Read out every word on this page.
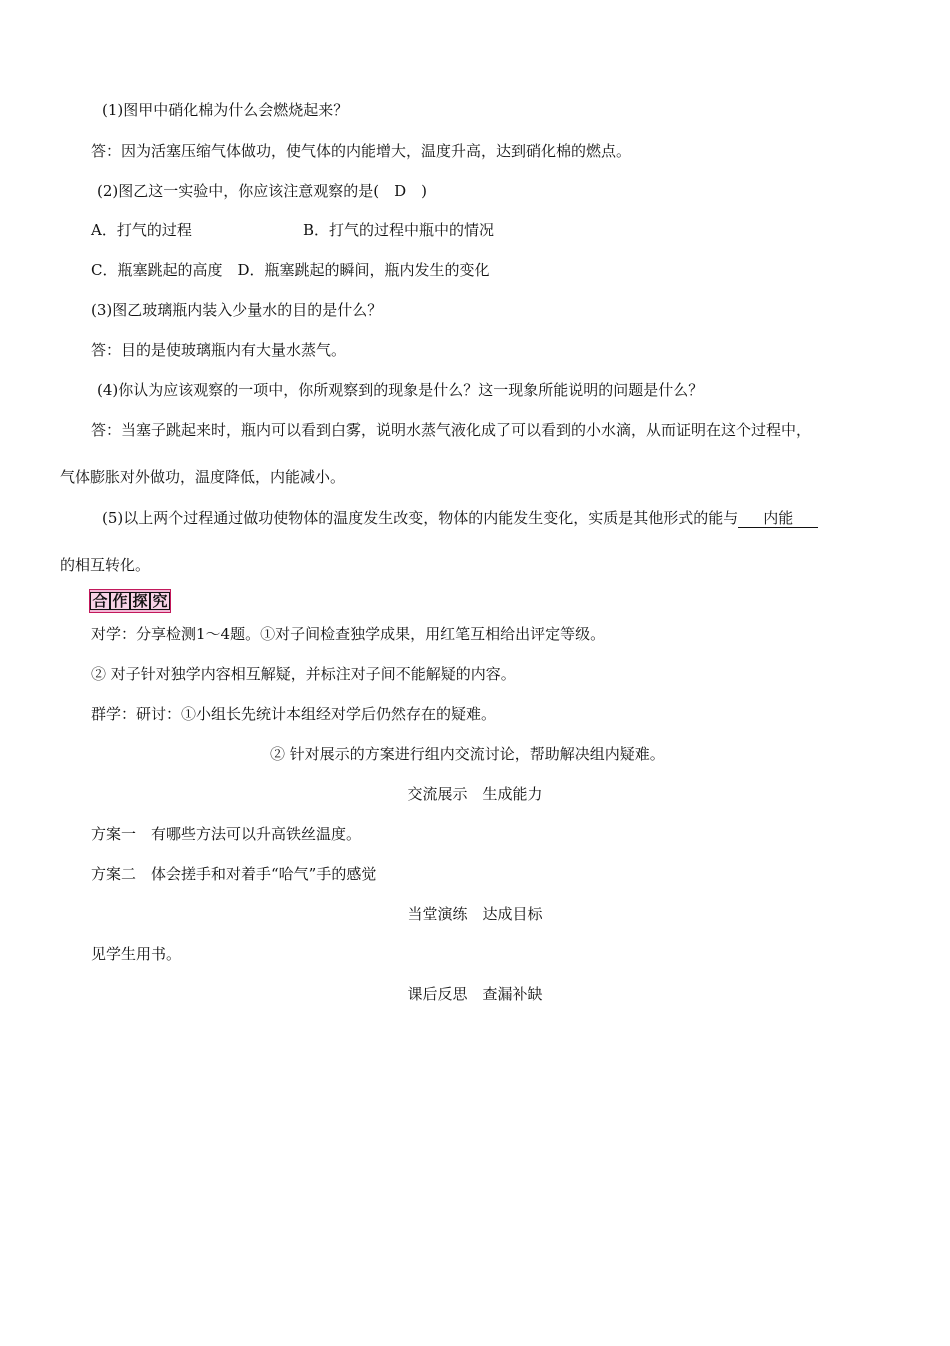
(1)图甲中硝化棉为什么会燃烧起来？
答：因为活塞压缩气体做功，使气体的内能增大，温度升高，达到硝化棉的燃点。
(2)图乙这一实验中，你应该注意观察的是(　D　)
A．打气的过程	B．打气的过程中瓶中的情况
C．瓶塞跳起的高度　D．瓶塞跳起的瞬间，瓶内发生的变化
(3)图乙玻璃瓶内装入少量水的目的是什么？
答：目的是使玻璃瓶内有大量水蒸气。
(4)你认为应该观察的一项中，你所观察到的现象是什么？这一现象所能说明的问题是什么？
答：当塞子跳起来时，瓶内可以看到白雾，说明水蒸气液化成了可以看到的小水滴，从而证明在这个过程中，
气体膨胀对外做功，温度降低，内能减小。
(5)以上两个过程通过做功使物体的温度发生改变，物体的内能发生变化，实质是其他形式的能与 内能
的相互转化。
合 作 探 究
对学：分享检测1～4题。①对子间检查独学成果，用红笔互相给出评定等级。
② 对子针对独学内容相互解疑，并标注对子间不能解疑的内容。
群学：研讨：①小组长先统计本组经对学后仍然存在的疑难。
② 针对展示的方案进行组内交流讨论，帮助解决组内疑难。
交流展示　生成能力
方案一　有哪些方法可以升高铁丝温度。
方案二　体会搓手和对着手“哈气”手的感觉
当堂演练　达成目标
见学生用书。
课后反思　查漏补缺
